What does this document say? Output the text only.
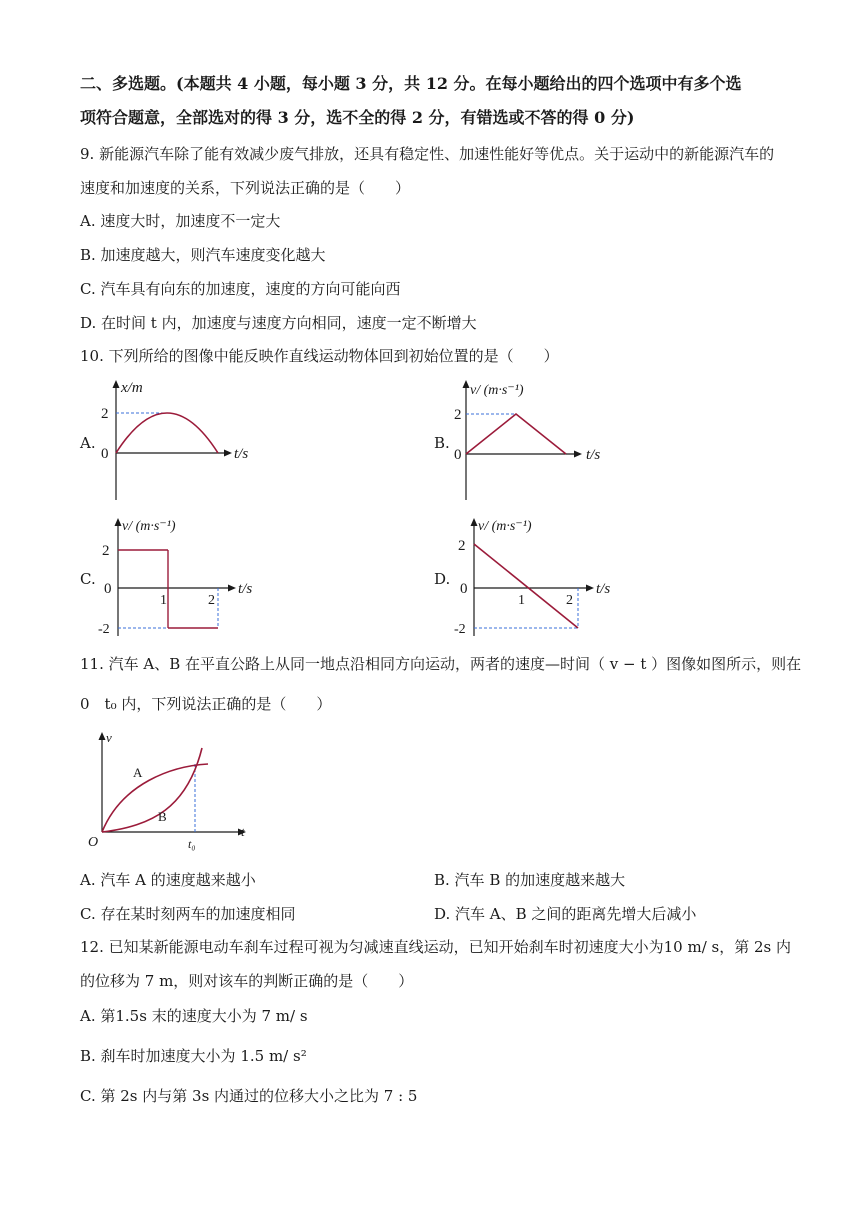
二、多选题。(本题共 4 小题，每小题 3 分，共 12 分。在每小题给出的四个选项中有多个选
项符合题意，全部选对的得 3 分，选不全的得 2 分，有错选或不答的得 0 分)
9. 新能源汽车除了能有效减少废气排放，还具有稳定性、加速性能好等优点。关于运动中的新能源汽车的
速度和加速度的关系，下列说法正确的是（　　）
A. 速度大时，加速度不一定大
B. 加速度越大，则汽车速度变化越大
C. 汽车具有向东的加速度，速度的方向可能向西
D. 在时间 t 内，加速度与速度方向相同，速度一定不断增大
10. 下列所给的图像中能反映作直线运动物体回到初始位置的是（　　）
A.
x/m
2
0	t/s
B.
v/ (m·s⁻¹)
2
0	t/s
C.
v/ (m·s⁻¹)
2
0
1	2
-2
t/s
D.
v/ (m·s⁻¹)
2
0
1	2
-2
t/s
11. 汽车 A、B 在平直公路上从同一地点沿相同方向运动，两者的速度—时间（ v − t ）图像如图所示，则在
0　t₀ 内，下列说法正确的是（　　）
v
t
O	t₀
A
B
A. 汽车 A 的速度越来越小	B. 汽车 B 的加速度越来越大
C. 存在某时刻两车的加速度相同	D. 汽车 A、B 之间的距离先增大后减小
12. 已知某新能源电动车刹车过程可视为匀减速直线运动，已知开始刹车时初速度大小为10 m/ s，第 2s 内
的位移为 7 m，则对该车的判断正确的是（　　）
A. 第1.5s 末的速度大小为 7 m/ s
B. 刹车时加速度大小为 1.5 m/ s²
C. 第 2s 内与第 3s 内通过的位移大小之比为 7 : 5
